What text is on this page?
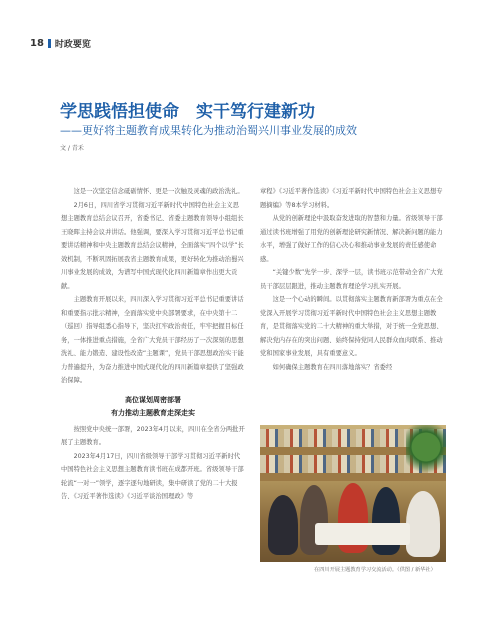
18 时政要览
学思践悟担使命　实干笃行建新功
——更好将主题教育成果转化为推动治蜀兴川事业发展的成效
文 / 青禾

这是一次坚定信念砥砺情怀、更是一次触及灵魂的政治洗礼。

2月6日，四川省学习贯彻习近平新时代中国特色社会主义思想主题教育总结会议召开，省委书记、省委主题教育领导小组组长王晓晖主持会议并讲话。他强调，要深入学习贯彻习近平总书记重要讲话精神和中央主题教育总结会议精神，全面落实“四个以学”长效机制，不断巩固拓展我省主题教育成果，更好转化为推动治蜀兴川事业发展的成效，为谱写中国式现代化四川新篇章作出更大贡献。

主题教育开展以来，四川深入学习贯彻习近平总书记重要讲话和重要指示批示精神，全面落实党中央部署要求，在中央第十二（巡回）指导组悉心指导下，坚决扛牢政治责任，牢牢把握目标任务，一体推进重点措施，全省广大党员干部经历了一次深刻的思想洗礼、能力锻造、建设性改造“主题课”，党员干部思想政治实干能力普遍提升，为奋力推进中国式现代化的四川新篇章提供了坚强政治保障。

高位谋划周密部署
有力推动主题教育走深走实

按照党中央统一部署，2023年4月以来，四川在全省分两批开展了主题教育。

2023年4月17日，四川省级领导干部学习贯彻习近平新时代中国特色社会主义思想主题教育读书班在成都开班。省级领导干部轮流“一对一”领学，逐字逐句地研读，集中研读了党的二十大报告、《习近平著作选读》《习近平谈治国理政》等

章程》《习近平著作选读》《习近平新时代中国特色社会主义思想专题摘编》等8本学习材料。

从党的创新理论中汲取奋发进取的智慧和力量。省级领导干部通过读书班增强了用党的创新理论研究新情况、解决新问题的能力水平，增强了做好工作的信心决心和推动事业发展的责任感使命感。

“关键少数”先学一步、深学一层，读书班示范带动全省广大党员干部层层跟进，推动主题教育理论学习扎实开展。

这是一个心动的瞬间。以贯彻落实主题教育新部署为重点在全党深入开展学习贯彻习近平新时代中国特色社会主义思想主题教育，是贯彻落实党的二十大精神的重大举措，对于统一全党思想、解决党内存在的突出问题、始终保持党同人民群众血肉联系、推动党和国家事业发展，具有重要意义。

如何确保主题教育在四川落地落实？省委经

在四川开展主题教育学习交流活动。（供图 / 新华社）
